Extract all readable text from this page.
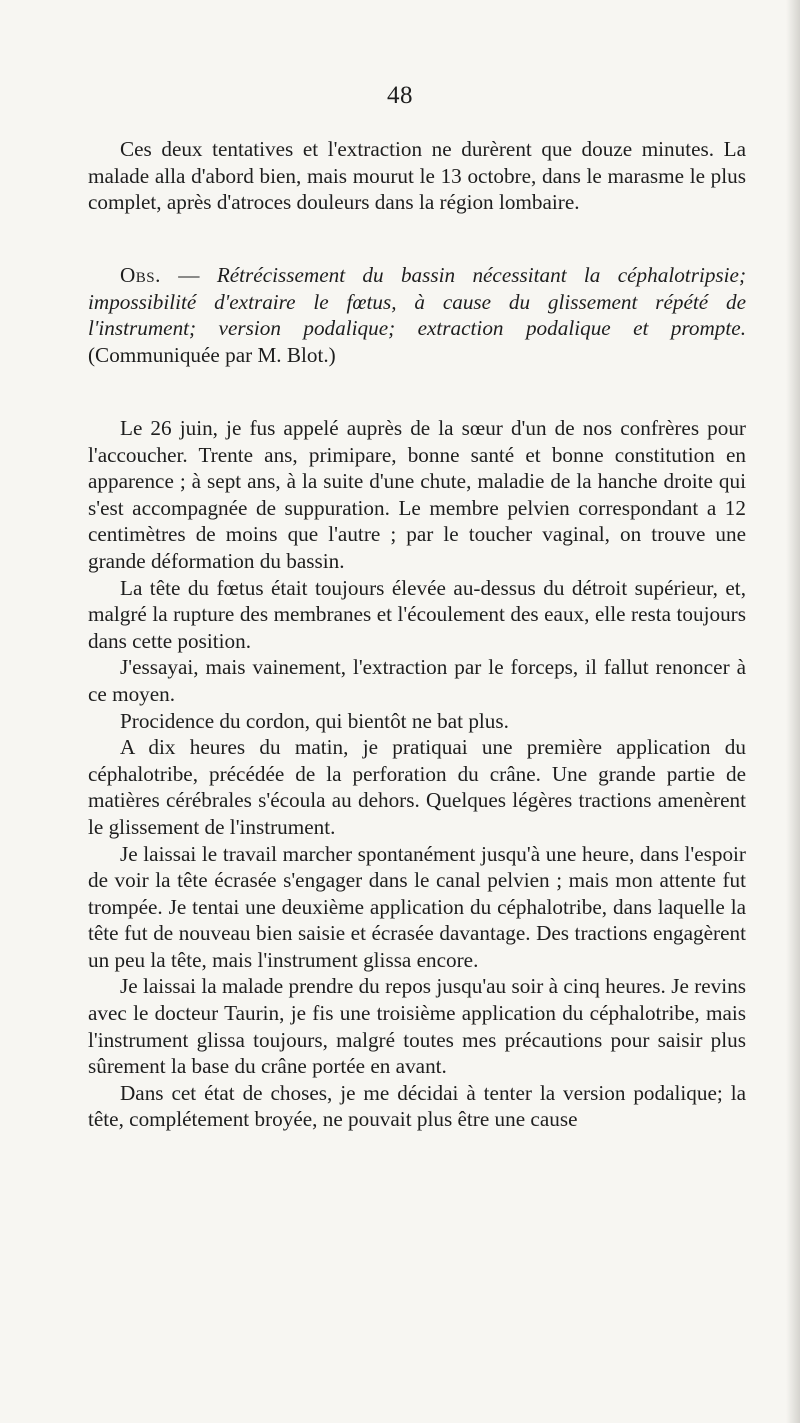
48

Ces deux tentatives et l'extraction ne durèrent que douze minutes. La malade alla d'abord bien, mais mourut le 13 octobre, dans le marasme le plus complet, après d'atroces douleurs dans la région lombaire.

Obs. — Rétrécissement du bassin nécessitant la céphalotripsie; impossibilité d'extraire le fœtus, à cause du glissement répété de l'instrument; version podalique; extraction podalique et prompte. (Communiquée par M. Blot.)

Le 26 juin, je fus appelé auprès de la sœur d'un de nos confrères pour l'accoucher. Trente ans, primipare, bonne santé et bonne constitution en apparence ; à sept ans, à la suite d'une chute, maladie de la hanche droite qui s'est accompagnée de suppuration. Le membre pelvien correspondant a 12 centimètres de moins que l'autre ; par le toucher vaginal, on trouve une grande déformation du bassin.

La tête du fœtus était toujours élevée au-dessus du détroit supérieur, et, malgré la rupture des membranes et l'écoulement des eaux, elle resta toujours dans cette position.

J'essayai, mais vainement, l'extraction par le forceps, il fallut renoncer à ce moyen.

Procidence du cordon, qui bientôt ne bat plus.

A dix heures du matin, je pratiquai une première application du céphalotribe, précédée de la perforation du crâne. Une grande partie de matières cérébrales s'écoula au dehors. Quelques légères tractions amenèrent le glissement de l'instrument.

Je laissai le travail marcher spontanément jusqu'à une heure, dans l'espoir de voir la tête écrasée s'engager dans le canal pelvien ; mais mon attente fut trompée. Je tentai une deuxième application du céphalotribe, dans laquelle la tête fut de nouveau bien saisie et écrasée davantage. Des tractions engagèrent un peu la tête, mais l'instrument glissa encore.

Je laissai la malade prendre du repos jusqu'au soir à cinq heures. Je revins avec le docteur Taurin, je fis une troisième application du céphalotribe, mais l'instrument glissa toujours, malgré toutes mes précautions pour saisir plus sûrement la base du crâne portée en avant.

Dans cet état de choses, je me décidai à tenter la version podalique; la tête, complétement broyée, ne pouvait plus être une cause
